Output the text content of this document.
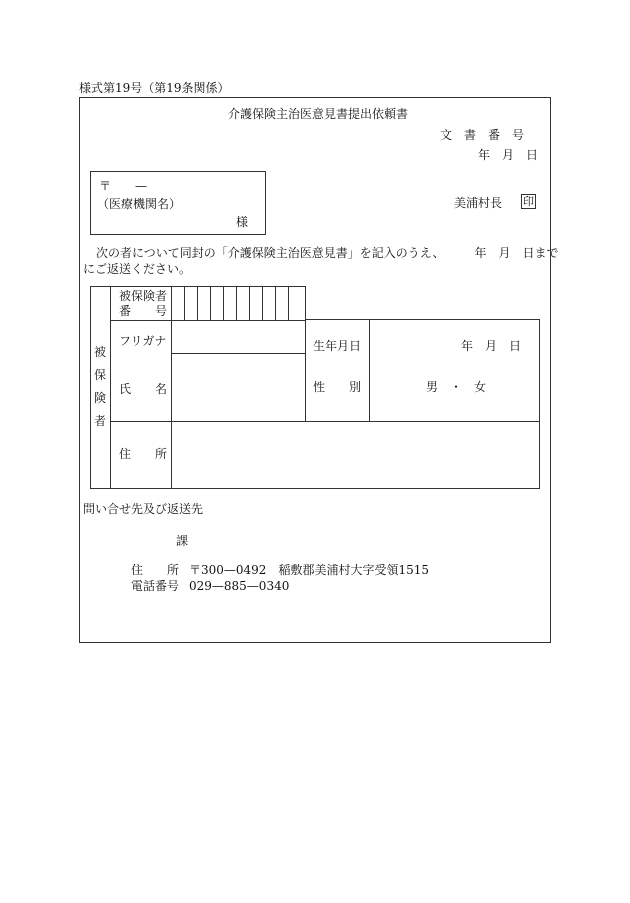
様式第19号（第19条関係）
介護保険主治医意見書提出依頼書
文　書　番　号
年　月　日
〒　　—
（医療機関名）
様
美浦村長 印
次の者について同封の「介護保険主治医意見書」を記入のうえ、　　　年　月　日まで
にご返送ください。
被
保
険
者
被保険者
番　　号
フリガナ
氏　　名
生年月日	年　月　日
性　　別	男　・　女
住　　所
問い合せ先及び返送先
課
住　　所 〒300—0492　稲敷郡美浦村大字受領1515
電話番号 029—885—0340
